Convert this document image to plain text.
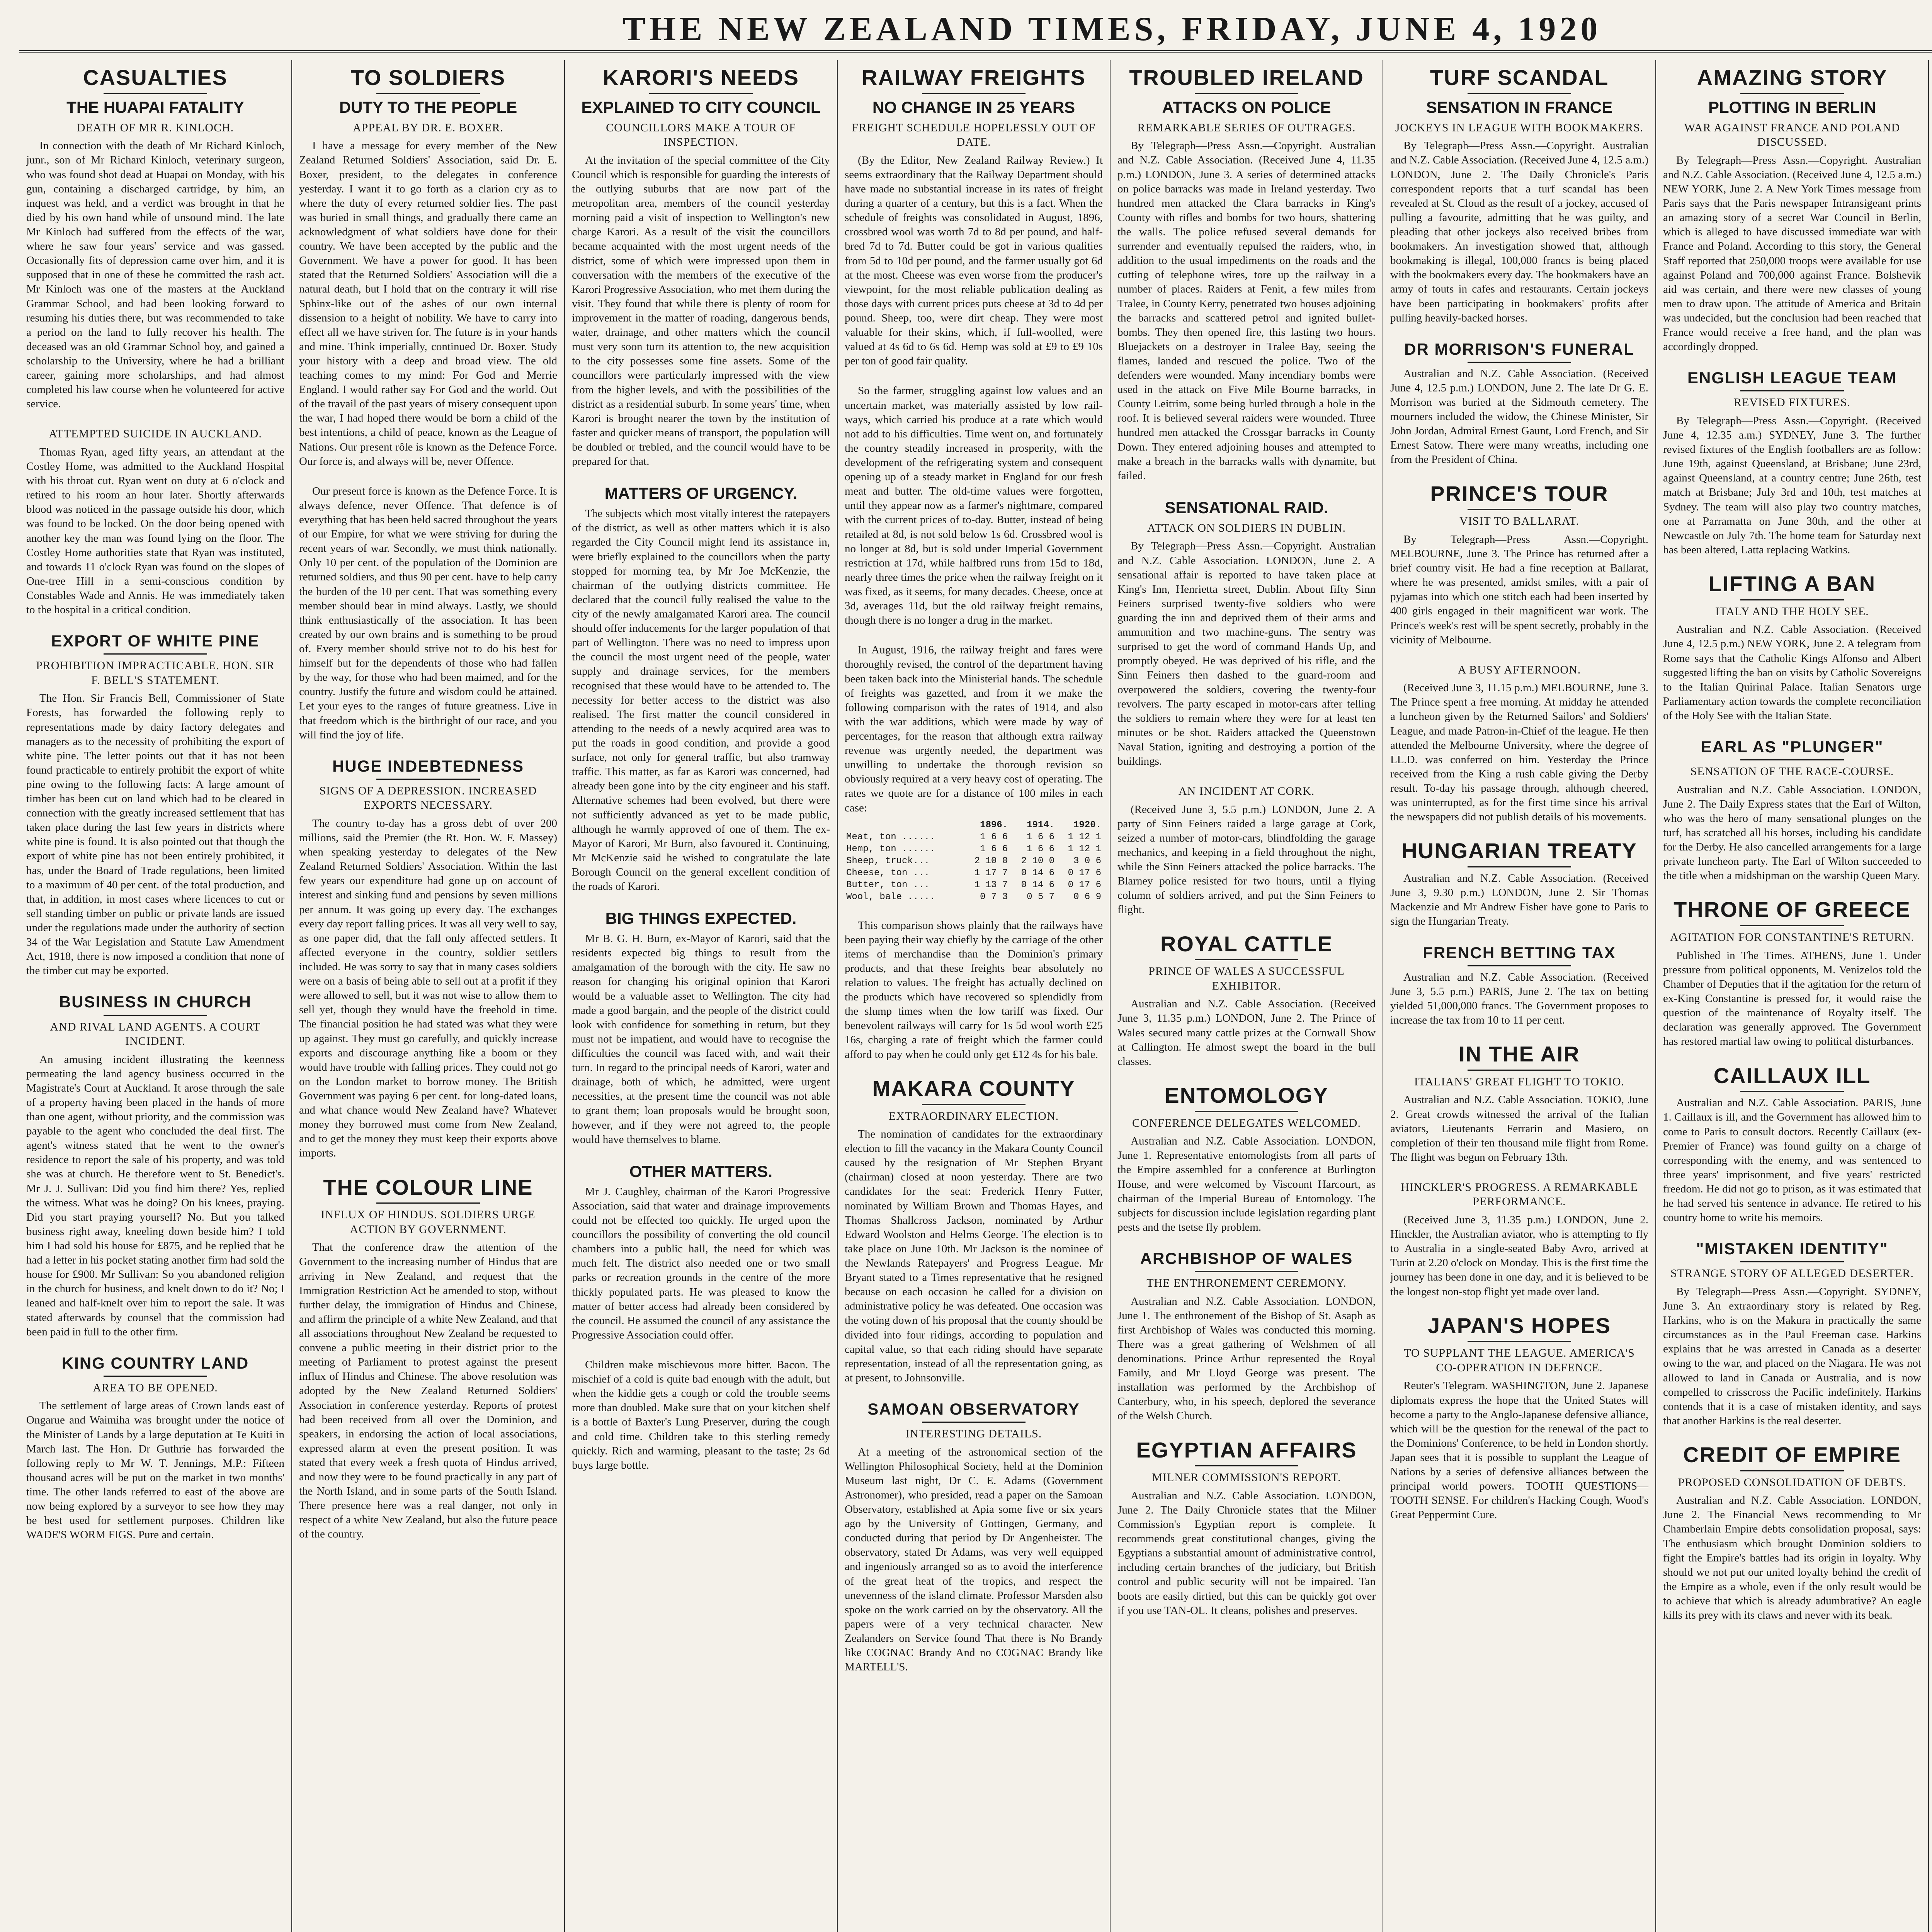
THE NEW ZEALAND TIMES, FRIDAY, JUNE 4, 1920
CASUALTIES
THE HUAPAI FATALITY
DEATH OF MR R. KINLOCH.

In connection with the death of Mr Richard Kinloch, junr., son of Mr Richard Kinloch, veterinary surgeon, who was found shot dead at Huapai on Monday, with his gun, containing a discharged cartridge, by him, an inquest was held, and a verdict was brought in that he died by his own hand while of unsound mind. The late Mr Kinloch had suffered from the effects of the war, where he saw four years' service and was gassed. Occasionally fits of depression came over him, and it is supposed that in one of these he committed the rash act. Mr Kinloch was one of the masters at the Auckland Grammar School, and had been looking forward to resuming his duties there, but was recommended to take a period on the land to fully recover his health. The deceased was an old Grammar School boy, and gained a scholarship to the University, where he had a brilliant career, gaining more scholarships, and had almost completed his law course when he volunteered for active service.

ATTEMPTED SUICIDE IN AUCKLAND.

Thomas Ryan, aged fifty years, an attendant at the Costley Home, was admitted to the Auckland Hospital with his throat cut. Ryan went on duty at 6 o'clock and retired to his room an hour later. Shortly afterwards blood was noticed in the passage outside his door, which was found to be locked. On the door being opened with another key the man was found lying on the floor. The Costley Home authorities state that Ryan was instituted, and towards 11 o'clock Ryan was found on the slopes of One-tree Hill in a semi-conscious condition by Constables Wade and Annis. He was immediately taken to the hospital in a critical condition.

EXPORT OF WHITE PINE
PROHIBITION IMPRACTICABLE. HON. SIR F. BELL'S STATEMENT.

The Hon. Sir Francis Bell, Commissioner of State Forests, has forwarded the following reply to representations made by dairy factory delegates and managers as to the necessity of prohibiting the export of white pine. The letter points out that it has not been found practicable to entirely prohibit the export of white pine owing to the following facts: A large amount of timber has been cut on land which had to be cleared in connection with the greatly increased settlement that has taken place during the last few years in districts where white pine is found. It is also pointed out that though the export of white pine has not been entirely prohibited, it has, under the Board of Trade regulations, been limited to a maximum of 40 per cent. of the total production, and that, in addition, in most cases where licences to cut or sell standing timber on public or private lands are issued under the regulations made under the authority of section 34 of the War Legislation and Statute Law Amendment Act, 1918, there is now imposed a condition that none of the timber cut may be exported.

BUSINESS IN CHURCH
AND RIVAL LAND AGENTS. A COURT INCIDENT.

An amusing incident illustrating the keenness permeating the land agency business occurred in the Magistrate's Court at Auckland. It arose through the sale of a property having been placed in the hands of more than one agent, without priority, and the commission was payable to the agent who concluded the deal first. The agent's witness stated that he went to the owner's residence to report the sale of his property, and was told she was at church. He therefore went to St. Benedict's. Mr J. J. Sullivan: Did you find him there? Yes, replied the witness. What was he doing? On his knees, praying. Did you start praying yourself? No. But you talked business right away, kneeling down beside him? I told him I had sold his house for £875, and he replied that he had a letter in his pocket stating another firm had sold the house for £900. Mr Sullivan: So you abandoned religion in the church for business, and knelt down to do it? No; I leaned and half-knelt over him to report the sale. It was stated afterwards by counsel that the commission had been paid in full to the other firm.

KING COUNTRY LAND
AREA TO BE OPENED.

The settlement of large areas of Crown lands east of Ongarue and Waimiha was brought under the notice of the Minister of Lands by a large deputation at Te Kuiti in March last. The Hon. Dr Guthrie has forwarded the following reply to Mr W. T. Jennings, M.P.: Fifteen thousand acres will be put on the market in two months' time. The other lands referred to east of the above are now being explored by a surveyor to see how they may be best used for settlement purposes. Children like WADE'S WORM FIGS. Pure and certain.

TO SOLDIERS
DUTY TO THE PEOPLE
APPEAL BY DR. E. BOXER.

I have a message for every member of the New Zealand Returned Soldiers' Association, said Dr. E. Boxer, president, to the delegates in conference yesterday. I want it to go forth as a clarion cry as to where the duty of every returned soldier lies. The past was buried in small things, and gradually there came an acknowledgment of what soldiers have done for their country. We have been accepted by the public and the Government. We have a power for good. It has been stated that the Returned Soldiers' Association will die a natural death, but I hold that on the contrary it will rise Sphinx-like out of the ashes of our own internal dissension to a height of nobility. We have to carry into effect all we have striven for. The future is in your hands and mine. Think imperially, continued Dr. Boxer. Study your history with a deep and broad view. The old teaching comes to my mind: For God and Merrie England. I would rather say For God and the world. Out of the travail of the past years of misery consequent upon the war, I had hoped there would be born a child of the best intentions, a child of peace, known as the League of Nations. Our present rôle is known as the Defence Force. Our force is, and always will be, never Offence.

Our present force is known as the Defence Force. It is always defence, never Offence. That defence is of everything that has been held sacred throughout the years of our Empire, for what we were striving for during the recent years of war. Secondly, we must think nationally. Only 10 per cent. of the population of the Dominion are returned soldiers, and thus 90 per cent. have to help carry the burden of the 10 per cent. That was something every member should bear in mind always. Lastly, we should think enthusiastically of the association. It has been created by our own brains and is something to be proud of. Every member should strive not to do his best for himself but for the dependents of those who had fallen by the way, for those who had been maimed, and for the country. Justify the future and wisdom could be attained. Let your eyes to the ranges of future greatness. Live in that freedom which is the birthright of our race, and you will find the joy of life.

HUGE INDEBTEDNESS
SIGNS OF A DEPRESSION. INCREASED EXPORTS NECESSARY.

The country to-day has a gross debt of over 200 millions, said the Premier (the Rt. Hon. W. F. Massey) when speaking yesterday to delegates of the New Zealand Returned Soldiers' Association. Within the last few years our expenditure had gone up on account of interest and sinking fund and pensions by seven millions per annum. It was going up every day. The exchanges every day report falling prices. It was all very well to say, as one paper did, that the fall only affected settlers. It affected everyone in the country, soldier settlers included. He was sorry to say that in many cases soldiers were on a basis of being able to sell out at a profit if they were allowed to sell, but it was not wise to allow them to sell yet, though they would have the freehold in time. The financial position he had stated was what they were up against. They must go carefully, and quickly increase exports and discourage anything like a boom or they would have trouble with falling prices. They could not go on the London market to borrow money. The British Government was paying 6 per cent. for long-dated loans, and what chance would New Zealand have? Whatever money they borrowed must come from New Zealand, and to get the money they must keep their exports above imports.

THE COLOUR LINE
INFLUX OF HINDUS. SOLDIERS URGE ACTION BY GOVERNMENT.

That the conference draw the attention of the Government to the increasing number of Hindus that are arriving in New Zealand, and request that the Immigration Restriction Act be amended to stop, without further delay, the immigration of Hindus and Chinese, and affirm the principle of a white New Zealand, and that all associations throughout New Zealand be requested to convene a public meeting in their district prior to the meeting of Parliament to protest against the present influx of Hindus and Chinese. The above resolution was adopted by the New Zealand Returned Soldiers' Association in conference yesterday. Reports of protest had been received from all over the Dominion, and speakers, in endorsing the action of local associations, expressed alarm at even the present position. It was stated that every week a fresh quota of Hindus arrived, and now they were to be found practically in any part of the North Island, and in some parts of the South Island. There presence here was a real danger, not only in respect of a white New Zealand, but also the future peace of the country.

KARORI'S NEEDS
EXPLAINED TO CITY COUNCIL
COUNCILLORS MAKE A TOUR OF INSPECTION.

At the invitation of the special committee of the City Council which is responsible for guarding the interests of the outlying suburbs that are now part of the metropolitan area, members of the council yesterday morning paid a visit of inspection to Wellington's new charge Karori. As a result of the visit the councillors became acquainted with the most urgent needs of the district, some of which were impressed upon them in conversation with the members of the executive of the Karori Progressive Association, who met them during the visit. They found that while there is plenty of room for improvement in the matter of roading, dangerous bends, water, drainage, and other matters which the council must very soon turn its attention to, the new acquisition to the city possesses some fine assets. Some of the councillors were particularly impressed with the view from the higher levels, and with the possibilities of the district as a residential suburb. In some years' time, when Karori is brought nearer the town by the institution of faster and quicker means of transport, the population will be doubled or trebled, and the council would have to be prepared for that.

MATTERS OF URGENCY.

The subjects which most vitally interest the ratepayers of the district, as well as other matters which it is also regarded the City Council might lend its assistance in, were briefly explained to the councillors when the party stopped for morning tea, by Mr Joe McKenzie, the chairman of the outlying districts committee. He declared that the council fully realised the value to the city of the newly amalgamated Karori area. The council should offer inducements for the larger population of that part of Wellington. There was no need to impress upon the council the most urgent need of the people, water supply and drainage services, for the members recognised that these would have to be attended to. The necessity for better access to the district was also realised. The first matter the council considered in attending to the needs of a newly acquired area was to put the roads in good condition, and provide a good surface, not only for general traffic, but also tramway traffic. This matter, as far as Karori was concerned, had already been gone into by the city engineer and his staff. Alternative schemes had been evolved, but there were not sufficiently advanced as yet to be made public, although he warmly approved of one of them. The ex-Mayor of Karori, Mr Burn, also favoured it. Continuing, Mr McKenzie said he wished to congratulate the late Borough Council on the general excellent condition of the roads of Karori.

BIG THINGS EXPECTED.

Mr B. G. H. Burn, ex-Mayor of Karori, said that the residents expected big things to result from the amalgamation of the borough with the city. He saw no reason for changing his original opinion that Karori would be a valuable asset to Wellington. The city had made a good bargain, and the people of the district could look with confidence for something in return, but they must not be impatient, and would have to recognise the difficulties the council was faced with, and wait their turn. In regard to the principal needs of Karori, water and drainage, both of which, he admitted, were urgent necessities, at the present time the council was not able to grant them; loan proposals would be brought soon, however, and if they were not agreed to, the people would have themselves to blame.

OTHER MATTERS.

Mr J. Caughley, chairman of the Karori Progressive Association, said that water and drainage improvements could not be effected too quickly. He urged upon the councillors the possibility of converting the old council chambers into a public hall, the need for which was much felt. The district also needed one or two small parks or recreation grounds in the centre of the more thickly populated parts. He was pleased to know the matter of better access had already been considered by the council. He assumed the council of any assistance the Progressive Association could offer.

Children make mischievous more bitter. Bacon. The mischief of a cold is quite bad enough with the adult, but when the kiddie gets a cough or cold the trouble seems more than doubled. Make sure that on your kitchen shelf is a bottle of Baxter's Lung Preserver, during the cough and cold time. Children take to this sterling remedy quickly. Rich and warming, pleasant to the taste; 2s 6d buys large bottle.

RAILWAY FREIGHTS
NO CHANGE IN 25 YEARS
FREIGHT SCHEDULE HOPELESSLY OUT OF DATE.

(By the Editor, New Zealand Railway Review.) It seems extraordinary that the Railway Department should have made no substantial increase in its rates of freight during a quarter of a century, but this is a fact. When the schedule of freights was consolidated in August, 1896, crossbred wool was worth 7d to 8d per pound, and half-bred 7d to 7d. Butter could be got in various qualities from 5d to 10d per pound, and the farmer usually got 6d at the most. Cheese was even worse from the producer's viewpoint, for the most reliable publication dealing as those days with current prices puts cheese at 3d to 4d per pound. Sheep, too, were dirt cheap. They were most valuable for their skins, which, if full-woolled, were valued at 4s 6d to 6s 6d. Hemp was sold at £9 to £9 10s per ton of good fair quality.

So the farmer, struggling against low values and an uncertain market, was materially assisted by low rail-ways, which carried his produce at a rate which would not add to his difficulties. Time went on, and fortunately the country steadily increased in prosperity, with the development of the refrigerating system and consequent opening up of a steady market in England for our fresh meat and butter. The old-time values were forgotten, until they appear now as a farmer's nightmare, compared with the current prices of to-day. Butter, instead of being retailed at 8d, is not sold below 1s 6d. Crossbred wool is no longer at 8d, but is sold under Imperial Government restriction at 17d, while halfbred runs from 15d to 18d, nearly three times the price when the railway freight on it was fixed, as it seems, for many decades. Cheese, once at 3d, averages 11d, but the old railway freight remains, though there is no longer a drug in the market.

In August, 1916, the railway freight and fares were thoroughly revised, the control of the department having been taken back into the Ministerial hands. The schedule of freights was gazetted, and from it we make the following comparison with the rates of 1914, and also with the war additions, which were made by way of percentages, for the reason that although extra railway revenue was urgently needed, the department was unwilling to undertake the thorough revision so obviously required at a very heavy cost of operating. The rates we quote are for a distance of 100 miles in each case:

	1896.	1914.	1920.
Meat, ton ......	1 6 6	1 6 6	1 12 1
Hemp, ton ......	1 6 6	1 6 6	1 12 1
Sheep, truck...	2 10 0	2 10 0	3 0 6
Cheese, ton ...	1 17 7	0 14 6	0 17 6
Butter, ton ...	1 13 7	0 14 6	0 17 6
Wool, bale .....	0 7 3	0 5 7	0 6 9

This comparison shows plainly that the railways have been paying their way chiefly by the carriage of the other items of merchandise than the Dominion's primary products, and that these freights bear absolutely no relation to values. The freight has actually declined on the products which have recovered so splendidly from the slump times when the low tariff was fixed. Our benevolent railways will carry for 1s 5d wool worth £25 16s, charging a rate of freight which the farmer could afford to pay when he could only get £12 4s for his bale.

MAKARA COUNTY
EXTRAORDINARY ELECTION.

The nomination of candidates for the extraordinary election to fill the vacancy in the Makara County Council caused by the resignation of Mr Stephen Bryant (chairman) closed at noon yesterday. There are two candidates for the seat: Frederick Henry Futter, nominated by William Brown and Thomas Hayes, and Thomas Shallcross Jackson, nominated by Arthur Edward Woolston and Helms George. The election is to take place on June 10th. Mr Jackson is the nominee of the Newlands Ratepayers' and Progress League. Mr Bryant stated to a Times representative that he resigned because on each occasion he called for a division on administrative policy he was defeated. One occasion was the voting down of his proposal that the county should be divided into four ridings, according to population and capital value, so that each riding should have separate representation, instead of all the representation going, as at present, to Johnsonville.

SAMOAN OBSERVATORY
INTERESTING DETAILS.

At a meeting of the astronomical section of the Wellington Philosophical Society, held at the Dominion Museum last night, Dr C. E. Adams (Government Astronomer), who presided, read a paper on the Samoan Observatory, established at Apia some five or six years ago by the University of Gottingen, Germany, and conducted during that period by Dr Angenheister. The observatory, stated Dr Adams, was very well equipped and ingeniously arranged so as to avoid the interference of the great heat of the tropics, and respect the unevenness of the island climate. Professor Marsden also spoke on the work carried on by the observatory. All the papers were of a very technical character. New Zealanders on Service found That there is No Brandy like COGNAC Brandy And no COGNAC Brandy like MARTELL'S.

TROUBLED IRELAND
ATTACKS ON POLICE
REMARKABLE SERIES OF OUTRAGES.

By Telegraph—Press Assn.—Copyright. Australian and N.Z. Cable Association. (Received June 4, 11.35 p.m.) LONDON, June 3. A series of determined attacks on police barracks was made in Ireland yesterday. Two hundred men attacked the Clara barracks in King's County with rifles and bombs for two hours, shattering the walls. The police refused several demands for surrender and eventually repulsed the raiders, who, in addition to the usual impediments on the roads and the cutting of telephone wires, tore up the railway in a number of places. Raiders at Fenit, a few miles from Tralee, in County Kerry, penetrated two houses adjoining the barracks and scattered petrol and ignited bullet-bombs. They then opened fire, this lasting two hours. Bluejackets on a destroyer in Tralee Bay, seeing the flames, landed and rescued the police. Two of the defenders were wounded. Many incendiary bombs were used in the attack on Five Mile Bourne barracks, in County Leitrim, some being hurled through a hole in the roof. It is believed several raiders were wounded. Three hundred men attacked the Crossgar barracks in County Down. They entered adjoining houses and attempted to make a breach in the barracks walls with dynamite, but failed.

SENSATIONAL RAID.
ATTACK ON SOLDIERS IN DUBLIN.

By Telegraph—Press Assn.—Copyright. Australian and N.Z. Cable Association. LONDON, June 2. A sensational affair is reported to have taken place at King's Inn, Henrietta street, Dublin. About fifty Sinn Feiners surprised twenty-five soldiers who were guarding the inn and deprived them of their arms and ammunition and two machine-guns. The sentry was surprised to get the word of command Hands Up, and promptly obeyed. He was deprived of his rifle, and the Sinn Feiners then dashed to the guard-room and overpowered the soldiers, covering the twenty-four revolvers. The party escaped in motor-cars after telling the soldiers to remain where they were for at least ten minutes or be shot. Raiders attacked the Queenstown Naval Station, igniting and destroying a portion of the buildings.

AN INCIDENT AT CORK.

(Received June 3, 5.5 p.m.) LONDON, June 2. A party of Sinn Feiners raided a large garage at Cork, seized a number of motor-cars, blindfolding the garage mechanics, and keeping in a field throughout the night, while the Sinn Feiners attacked the police barracks. The Blarney police resisted for two hours, until a flying column of soldiers arrived, and put the Sinn Feiners to flight.

ROYAL CATTLE
PRINCE OF WALES A SUCCESSFUL EXHIBITOR.

Australian and N.Z. Cable Association. (Received June 3, 11.35 p.m.) LONDON, June 2. The Prince of Wales secured many cattle prizes at the Cornwall Show at Callington. He almost swept the board in the bull classes.

ENTOMOLOGY
CONFERENCE DELEGATES WELCOMED.

Australian and N.Z. Cable Association. LONDON, June 1. Representative entomologists from all parts of the Empire assembled for a conference at Burlington House, and were welcomed by Viscount Harcourt, as chairman of the Imperial Bureau of Entomology. The subjects for discussion include legislation regarding plant pests and the tsetse fly problem.

ARCHBISHOP OF WALES
THE ENTHRONEMENT CEREMONY.

Australian and N.Z. Cable Association. LONDON, June 1. The enthronement of the Bishop of St. Asaph as first Archbishop of Wales was conducted this morning. There was a great gathering of Welshmen of all denominations. Prince Arthur represented the Royal Family, and Mr Lloyd George was present. The installation was performed by the Archbishop of Canterbury, who, in his speech, deplored the severance of the Welsh Church.

EGYPTIAN AFFAIRS
MILNER COMMISSION'S REPORT.

Australian and N.Z. Cable Association. LONDON, June 2. The Daily Chronicle states that the Milner Commission's Egyptian report is complete. It recommends great constitutional changes, giving the Egyptians a substantial amount of administrative control, including certain branches of the judiciary, but British control and public security will not be impaired. Tan boots are easily dirtied, but this can be quickly got over if you use TAN-OL. It cleans, polishes and preserves.

TURF SCANDAL
SENSATION IN FRANCE
JOCKEYS IN LEAGUE WITH BOOKMAKERS.

By Telegraph—Press Assn.—Copyright. Australian and N.Z. Cable Association. (Received June 4, 12.5 a.m.) LONDON, June 2. The Daily Chronicle's Paris correspondent reports that a turf scandal has been revealed at St. Cloud as the result of a jockey, accused of pulling a favourite, admitting that he was guilty, and pleading that other jockeys also received bribes from bookmakers. An investigation showed that, although bookmaking is illegal, 100,000 francs is being placed with the bookmakers every day. The bookmakers have an army of touts in cafes and restaurants. Certain jockeys have been participating in bookmakers' profits after pulling heavily-backed horses.

DR MORRISON'S FUNERAL

Australian and N.Z. Cable Association. (Received June 4, 12.5 p.m.) LONDON, June 2. The late Dr G. E. Morrison was buried at the Sidmouth cemetery. The mourners included the widow, the Chinese Minister, Sir John Jordan, Admiral Ernest Gaunt, Lord French, and Sir Ernest Satow. There were many wreaths, including one from the President of China.

PRINCE'S TOUR
VISIT TO BALLARAT.

By Telegraph—Press Assn.—Copyright. MELBOURNE, June 3. The Prince has returned after a brief country visit. He had a fine reception at Ballarat, where he was presented, amidst smiles, with a pair of pyjamas into which one stitch each had been inserted by 400 girls engaged in their magnificent war work. The Prince's week's rest will be spent secretly, probably in the vicinity of Melbourne.

A BUSY AFTERNOON.

(Received June 3, 11.15 p.m.) MELBOURNE, June 3. The Prince spent a free morning. At midday he attended a luncheon given by the Returned Sailors' and Soldiers' League, and made Patron-in-Chief of the league. He then attended the Melbourne University, where the degree of LL.D. was conferred on him. Yesterday the Prince received from the King a rush cable giving the Derby result. To-day his passage through, although cheered, was uninterrupted, as for the first time since his arrival the newspapers did not publish details of his movements.

HUNGARIAN TREATY

Australian and N.Z. Cable Association. (Received June 3, 9.30 p.m.) LONDON, June 2. Sir Thomas Mackenzie and Mr Andrew Fisher have gone to Paris to sign the Hungarian Treaty.

FRENCH BETTING TAX

Australian and N.Z. Cable Association. (Received June 3, 5.5 p.m.) PARIS, June 2. The tax on betting yielded 51,000,000 francs. The Government proposes to increase the tax from 10 to 11 per cent.

IN THE AIR
ITALIANS' GREAT FLIGHT TO TOKIO.

Australian and N.Z. Cable Association. TOKIO, June 2. Great crowds witnessed the arrival of the Italian aviators, Lieutenants Ferrarin and Masiero, on completion of their ten thousand mile flight from Rome. The flight was begun on February 13th.

HINCKLER'S PROGRESS. A REMARKABLE PERFORMANCE.

(Received June 3, 11.35 p.m.) LONDON, June 2. Hinckler, the Australian aviator, who is attempting to fly to Australia in a single-seated Baby Avro, arrived at Turin at 2.20 o'clock on Monday. This is the first time the journey has been done in one day, and it is believed to be the longest non-stop flight yet made over land.

JAPAN'S HOPES
TO SUPPLANT THE LEAGUE. AMERICA'S CO-OPERATION IN DEFENCE.

Reuter's Telegram. WASHINGTON, June 2. Japanese diplomats express the hope that the United States will become a party to the Anglo-Japanese defensive alliance, which will be the question for the renewal of the pact to the Dominions' Conference, to be held in London shortly. Japan sees that it is possible to supplant the League of Nations by a series of defensive alliances between the principal world powers. TOOTH QUESTIONS—TOOTH SENSE. For children's Hacking Cough, Wood's Great Peppermint Cure.

AMAZING STORY
PLOTTING IN BERLIN
WAR AGAINST FRANCE AND POLAND DISCUSSED.

By Telegraph—Press Assn.—Copyright. Australian and N.Z. Cable Association. (Received June 4, 12.5 a.m.) NEW YORK, June 2. A New York Times message from Paris says that the Paris newspaper Intransigeant prints an amazing story of a secret War Council in Berlin, which is alleged to have discussed immediate war with France and Poland. According to this story, the General Staff reported that 250,000 troops were available for use against Poland and 700,000 against France. Bolshevik aid was certain, and there were new classes of young men to draw upon. The attitude of America and Britain was undecided, but the conclusion had been reached that France would receive a free hand, and the plan was accordingly dropped.

ENGLISH LEAGUE TEAM
REVISED FIXTURES.

By Telegraph—Press Assn.—Copyright. (Received June 4, 12.35 a.m.) SYDNEY, June 3. The further revised fixtures of the English footballers are as follow: June 19th, against Queensland, at Brisbane; June 23rd, against Queensland, at a country centre; June 26th, test match at Brisbane; July 3rd and 10th, test matches at Sydney. The team will also play two country matches, one at Parramatta on June 30th, and the other at Newcastle on July 7th. The home team for Saturday next has been altered, Latta replacing Watkins.

LIFTING A BAN
ITALY AND THE HOLY SEE.

Australian and N.Z. Cable Association. (Received June 4, 12.5 p.m.) NEW YORK, June 2. A telegram from Rome says that the Catholic Kings Alfonso and Albert suggested lifting the ban on visits by Catholic Sovereigns to the Italian Quirinal Palace. Italian Senators urge Parliamentary action towards the complete reconciliation of the Holy See with the Italian State.

EARL AS "PLUNGER"
SENSATION OF THE RACE-COURSE.

Australian and N.Z. Cable Association. LONDON, June 2. The Daily Express states that the Earl of Wilton, who was the hero of many sensational plunges on the turf, has scratched all his horses, including his candidate for the Derby. He also cancelled arrangements for a large private luncheon party. The Earl of Wilton succeeded to the title when a midshipman on the warship Queen Mary.

THRONE OF GREECE
AGITATION FOR CONSTANTINE'S RETURN.

Published in The Times. ATHENS, June 1. Under pressure from political opponents, M. Venizelos told the Chamber of Deputies that if the agitation for the return of ex-King Constantine is pressed for, it would raise the question of the maintenance of Royalty itself. The declaration was generally approved. The Government has restored martial law owing to political disturbances.

CAILLAUX ILL

Australian and N.Z. Cable Association. PARIS, June 1. Caillaux is ill, and the Government has allowed him to come to Paris to consult doctors. Recently Caillaux (ex-Premier of France) was found guilty on a charge of corresponding with the enemy, and was sentenced to three years' imprisonment, and five years' restricted freedom. He did not go to prison, as it was estimated that he had served his sentence in advance. He retired to his country home to write his memoirs.

"MISTAKEN IDENTITY"
STRANGE STORY OF ALLEGED DESERTER.

By Telegraph—Press Assn.—Copyright. SYDNEY, June 3. An extraordinary story is related by Reg. Harkins, who is on the Makura in practically the same circumstances as in the Paul Freeman case. Harkins explains that he was arrested in Canada as a deserter owing to the war, and placed on the Niagara. He was not allowed to land in Canada or Australia, and is now compelled to crisscross the Pacific indefinitely. Harkins contends that it is a case of mistaken identity, and says that another Harkins is the real deserter.

CREDIT OF EMPIRE
PROPOSED CONSOLIDATION OF DEBTS.

Australian and N.Z. Cable Association. LONDON, June 2. The Financial News recommending to Mr Chamberlain Empire debts consolidation proposal, says: The enthusiasm which brought Dominion soldiers to fight the Empire's battles had its origin in loyalty. Why should we not put our united loyalty behind the credit of the Empire as a whole, even if the only result would be to achieve that which is already adumbrative? An eagle kills its prey with its claws and never with its beak.
